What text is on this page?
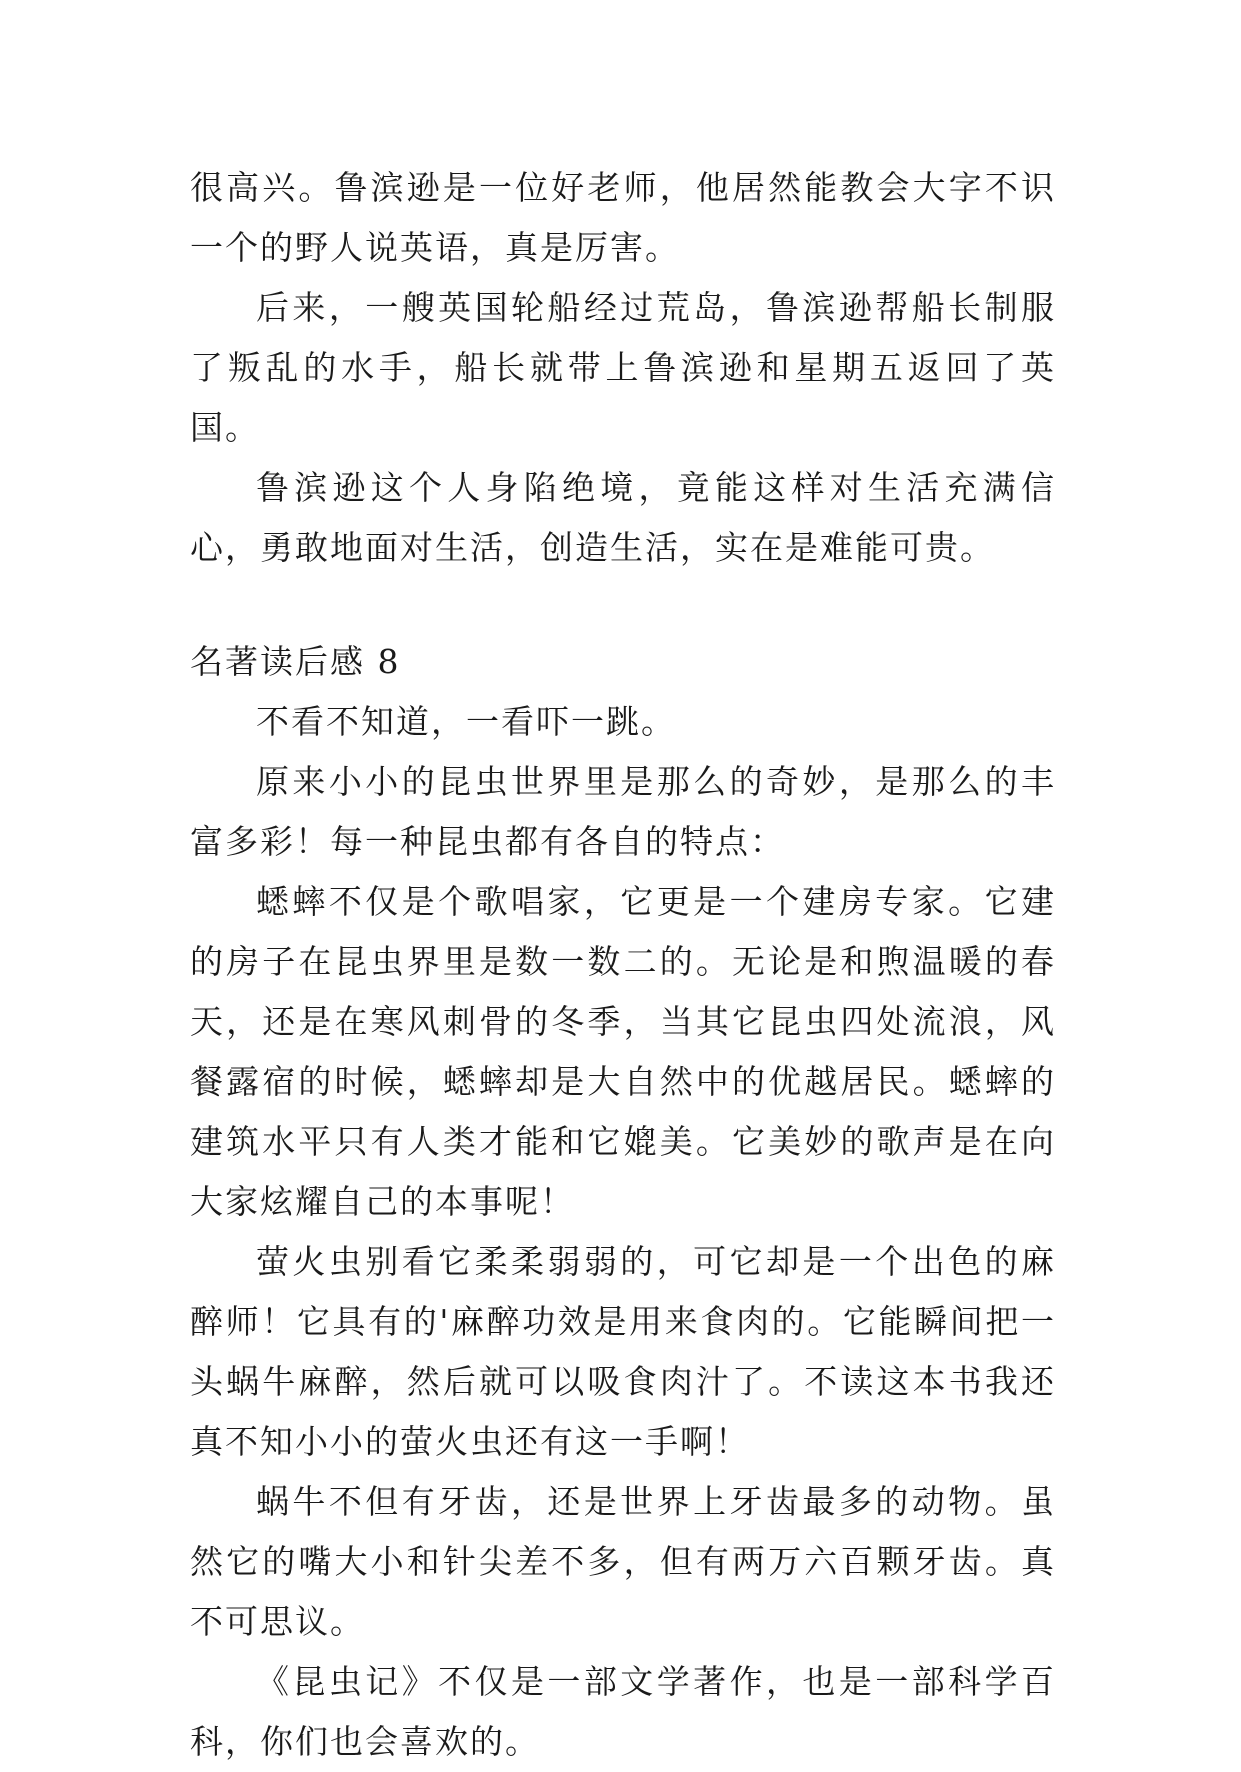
很高兴。鲁滨逊是一位好老师，他居然能教会大字不识一个的野人说英语，真是厉害。

后来，一艘英国轮船经过荒岛，鲁滨逊帮船长制服了叛乱的水手，船长就带上鲁滨逊和星期五返回了英国。

鲁滨逊这个人身陷绝境，竟能这样对生活充满信心，勇敢地面对生活，创造生活，实在是难能可贵。

名著读后感 8

不看不知道，一看吓一跳。

原来小小的昆虫世界里是那么的奇妙，是那么的丰富多彩！每一种昆虫都有各自的特点：

蟋蟀不仅是个歌唱家，它更是一个建房专家。它建的房子在昆虫界里是数一数二的。无论是和煦温暖的春天，还是在寒风刺骨的冬季，当其它昆虫四处流浪，风餐露宿的时候，蟋蟀却是大自然中的优越居民。蟋蟀的建筑水平只有人类才能和它媲美。它美妙的歌声是在向大家炫耀自己的本事呢！

萤火虫别看它柔柔弱弱的，可它却是一个出色的麻醉师！它具有的'麻醉功效是用来食肉的。它能瞬间把一头蜗牛麻醉，然后就可以吸食肉汁了。不读这本书我还真不知小小的萤火虫还有这一手啊！

蜗牛不但有牙齿，还是世界上牙齿最多的动物。虽然它的嘴大小和针尖差不多，但有两万六百颗牙齿。真不可思议。

《昆虫记》不仅是一部文学著作，也是一部科学百科，你们也会喜欢的。
